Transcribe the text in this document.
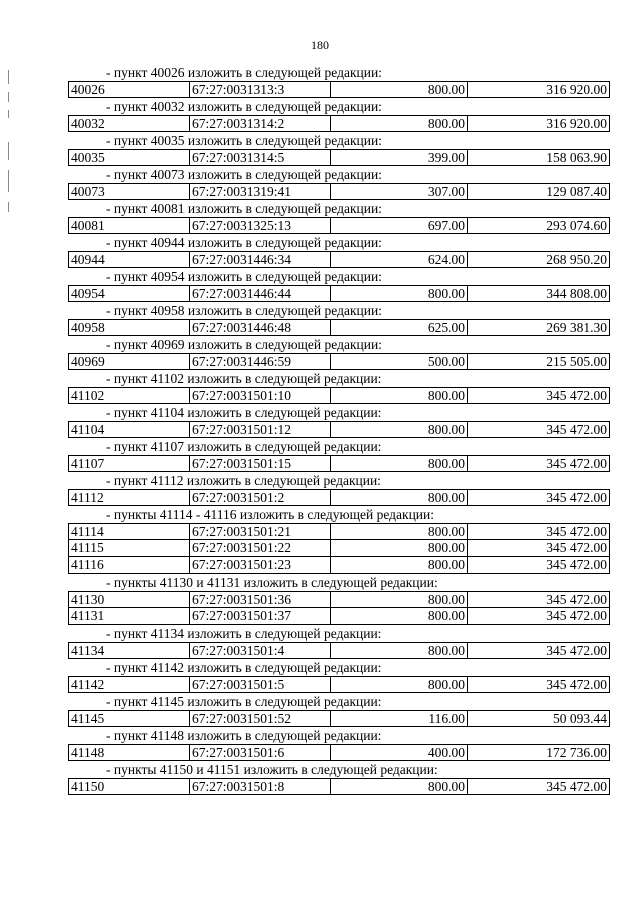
180
- пункт 40026 изложить в следующей редакции:
40026	67:27:0031313:3	800.00	316 920.00
- пункт 40032 изложить в следующей редакции:
40032	67:27:0031314:2	800.00	316 920.00
- пункт 40035 изложить в следующей редакции:
40035	67:27:0031314:5	399.00	158 063.90
- пункт 40073 изложить в следующей редакции:
40073	67:27:0031319:41	307.00	129 087.40
- пункт 40081 изложить в следующей редакции:
40081	67:27:0031325:13	697.00	293 074.60
- пункт 40944 изложить в следующей редакции:
40944	67:27:0031446:34	624.00	268 950.20
- пункт 40954 изложить в следующей редакции:
40954	67:27:0031446:44	800.00	344 808.00
- пункт 40958 изложить в следующей редакции:
40958	67:27:0031446:48	625.00	269 381.30
- пункт 40969 изложить в следующей редакции:
40969	67:27:0031446:59	500.00	215 505.00
- пункт 41102 изложить в следующей редакции:
41102	67:27:0031501:10	800.00	345 472.00
- пункт 41104 изложить в следующей редакции:
41104	67:27:0031501:12	800.00	345 472.00
- пункт 41107 изложить в следующей редакции:
41107	67:27:0031501:15	800.00	345 472.00
- пункт 41112 изложить в следующей редакции:
41112	67:27:0031501:2	800.00	345 472.00
- пункты 41114 - 41116 изложить в следующей редакции:
41114	67:27:0031501:21	800.00	345 472.00
41115	67:27:0031501:22	800.00	345 472.00
41116	67:27:0031501:23	800.00	345 472.00
- пункты 41130 и 41131 изложить в следующей редакции:
41130	67:27:0031501:36	800.00	345 472.00
41131	67:27:0031501:37	800.00	345 472.00
- пункт 41134 изложить в следующей редакции:
41134	67:27:0031501:4	800.00	345 472.00
- пункт 41142 изложить в следующей редакции:
41142	67:27:0031501:5	800.00	345 472.00
- пункт 41145 изложить в следующей редакции:
41145	67:27:0031501:52	116.00	50 093.44
- пункт 41148 изложить в следующей редакции:
41148	67:27:0031501:6	400.00	172 736.00
- пункты 41150 и 41151 изложить в следующей редакции:
41150	67:27:0031501:8	800.00	345 472.00
